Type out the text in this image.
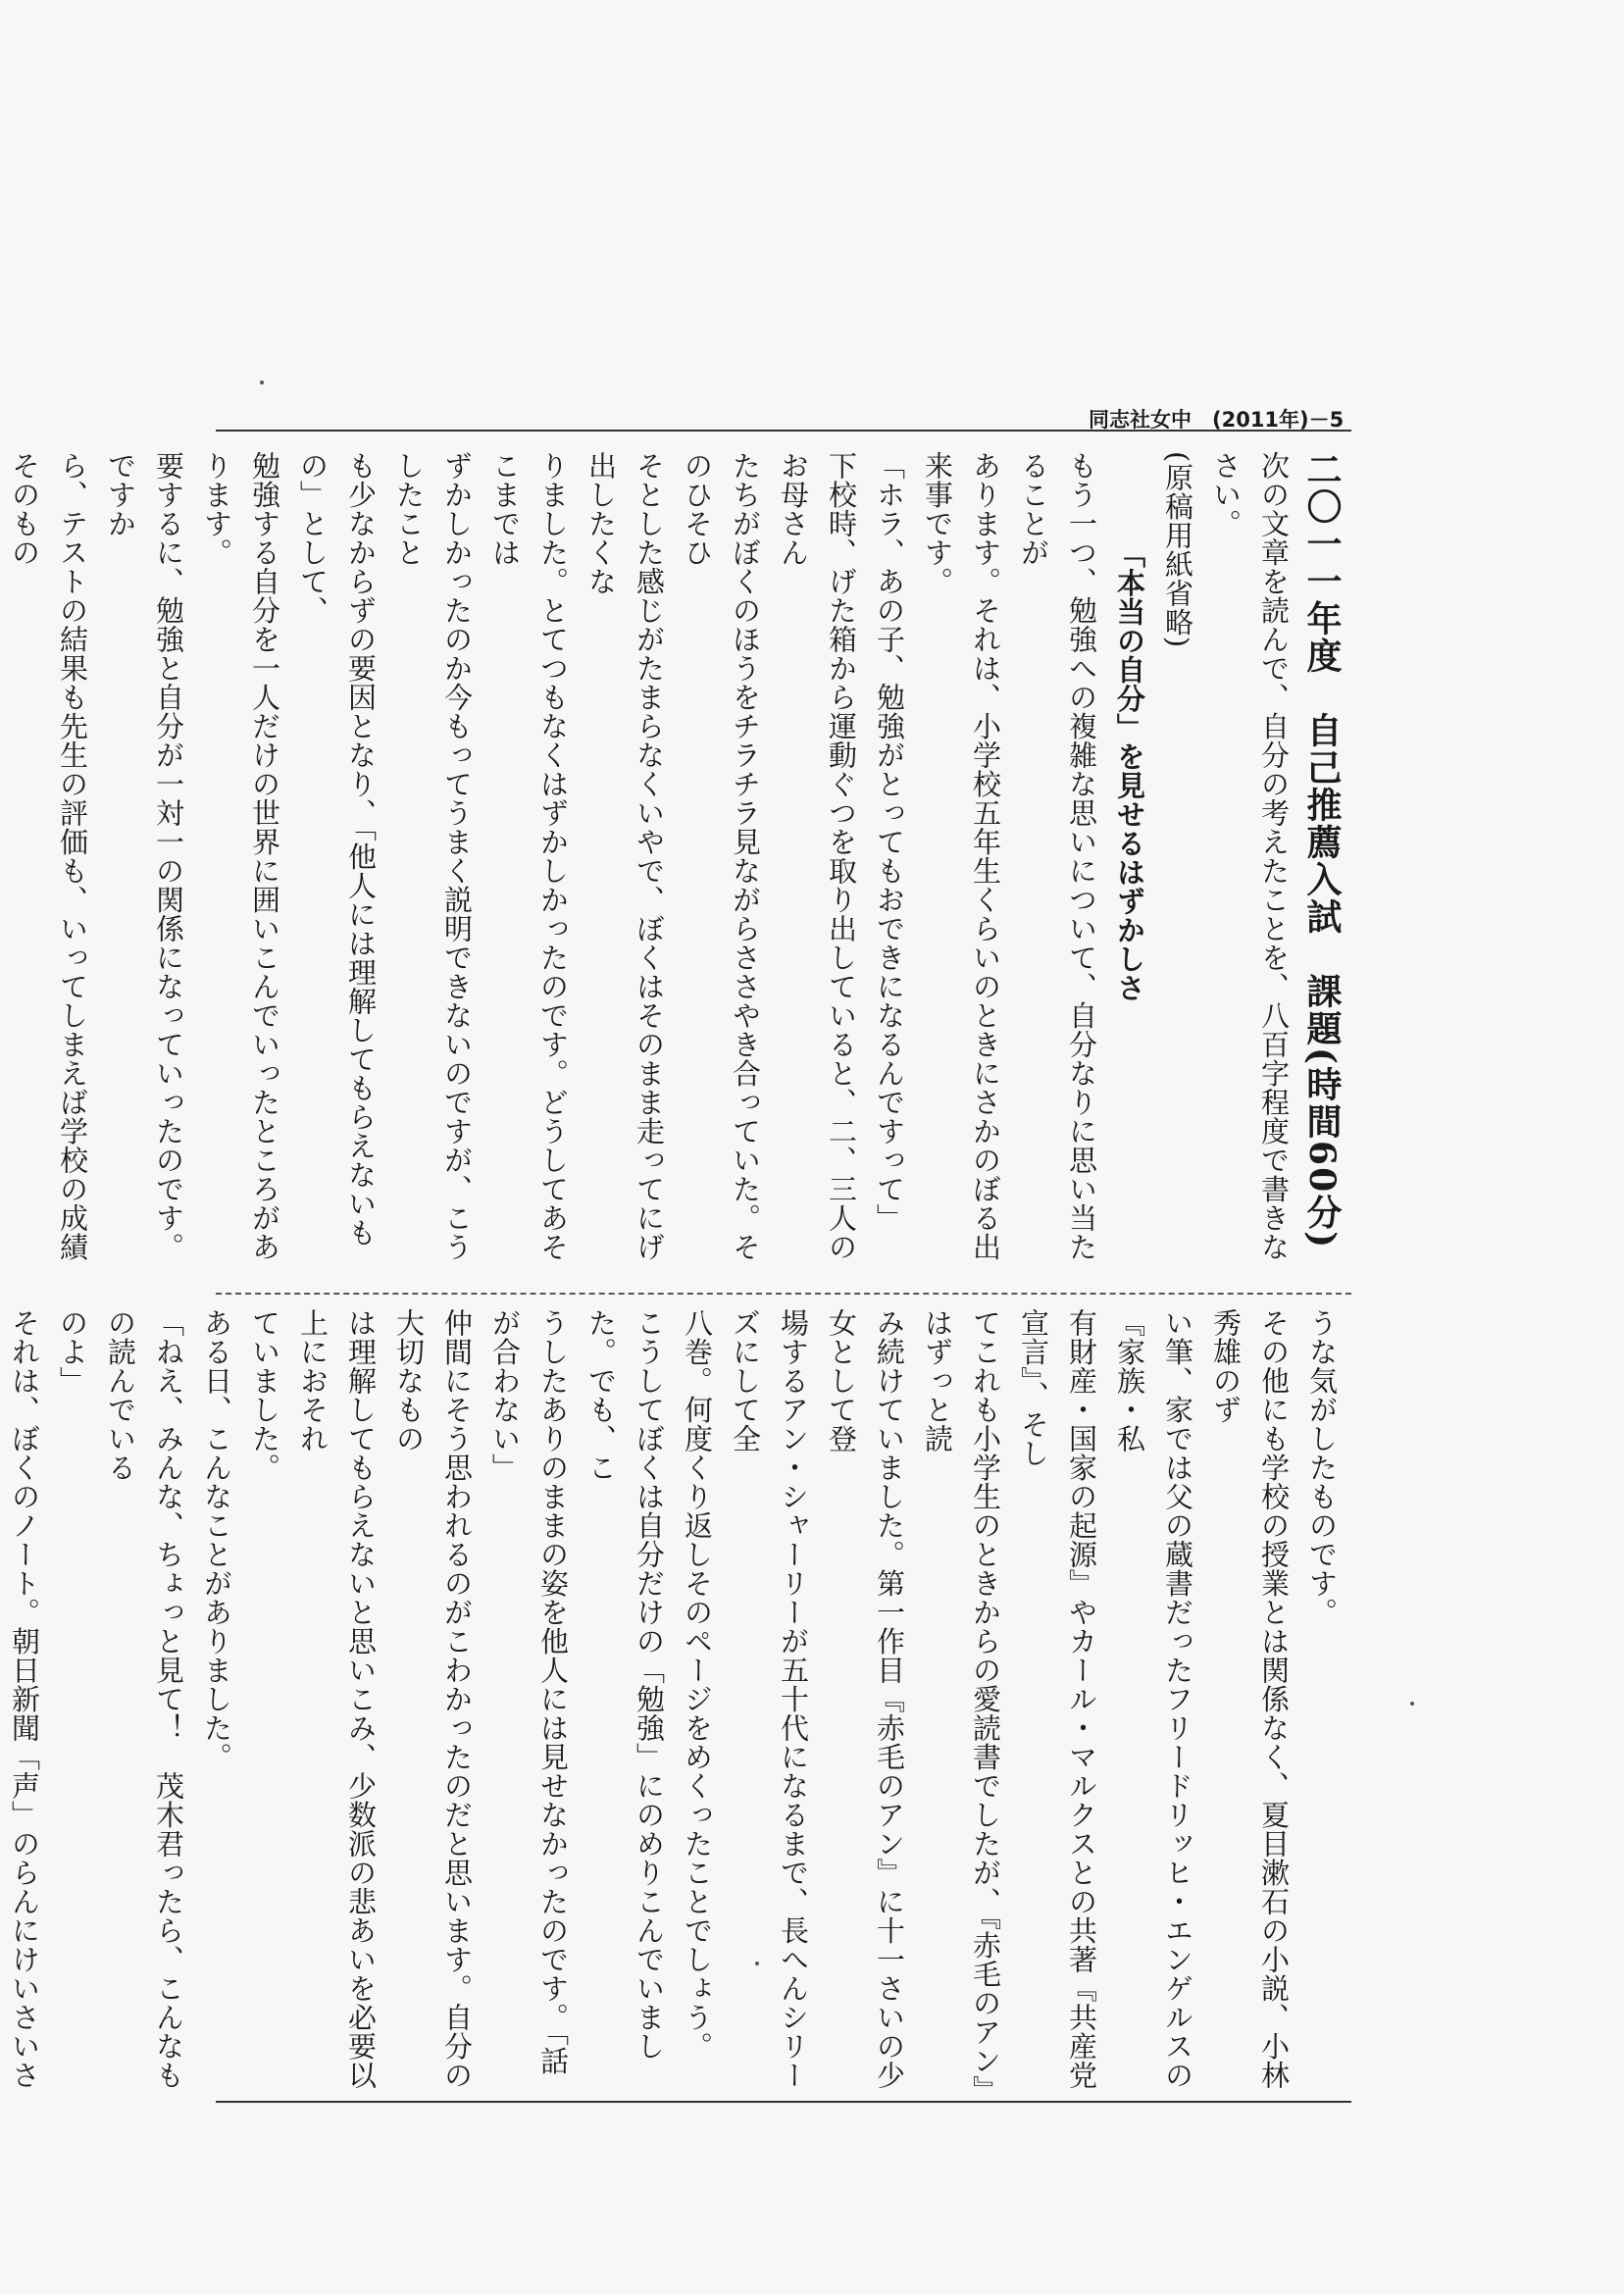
同志社女中　(2011年)－5

二〇一一年度　自己推薦入試　課題(時間60分)

次の文章を読んで、自分の考えたことを、八百字程度で書きなさい。

(原稿用紙省略)

「本当の自分」を見せるはずかしさ

もう一つ、勉強への複雑な思いについて、自分なりに思い当たることが

あります。それは、小学校五年生くらいのときにさかのぼる出来事です。

「ホラ、あの子、勉強がとってもおできになるんですって」

下校時、げた箱から運動ぐつを取り出していると、二、三人のお母さん

たちがぼくのほうをチラチラ見ながらささやき合っていた。そのひそひ

そとした感じがたまらなくいやで、ぼくはそのまま走ってにげ出したくな

りました。とてつもなくはずかしかったのです。どうしてあそこまでは

ずかしかったのか今もってうまく説明できないのですが、こうしたこと

も少なからずの要因となり、「他人には理解してもらえないもの」として、

勉強する自分を一人だけの世界に囲いこんでいったところがあります。

要するに、勉強と自分が一対一の関係になっていったのです。ですか

ら、テストの結果も先生の評価も、いってしまえば学校の成績そのもの

うな気がしたものです。

その他にも学校の授業とは関係なく、夏目漱石の小説、小林秀雄のず

い筆、家では父の蔵書だったフリードリッヒ・エンゲルスの『家族・私

有財産・国家の起源』やカール・マルクスとの共著『共産党宣言』、そし

てこれも小学生のときからの愛読書でしたが、『赤毛のアン』はずっと読

み続けていました。第一作目『赤毛のアン』に十一さいの少女として登

場するアン・シャーリーが五十代になるまで、長へんシリーズにして全

八巻。何度くり返しそのページをめくったことでしょう。

こうしてぼくは自分だけの「勉強」にのめりこんでいました。でも、こ

うしたありのままの姿を他人には見せなかったのです。「話が合わない」

仲間にそう思われるのがこわかったのだと思います。自分の大切なもの

は理解してもらえないと思いこみ、少数派の悲あいを必要以上におそれ

ていました。

ある日、こんなことがありました。

「ねえ、みんな、ちょっと見て！　茂木君ったら、こんなもの読んでいる

のよ」

それは、ぼくのノート。朝日新聞「声」のらんにけいさいさ
